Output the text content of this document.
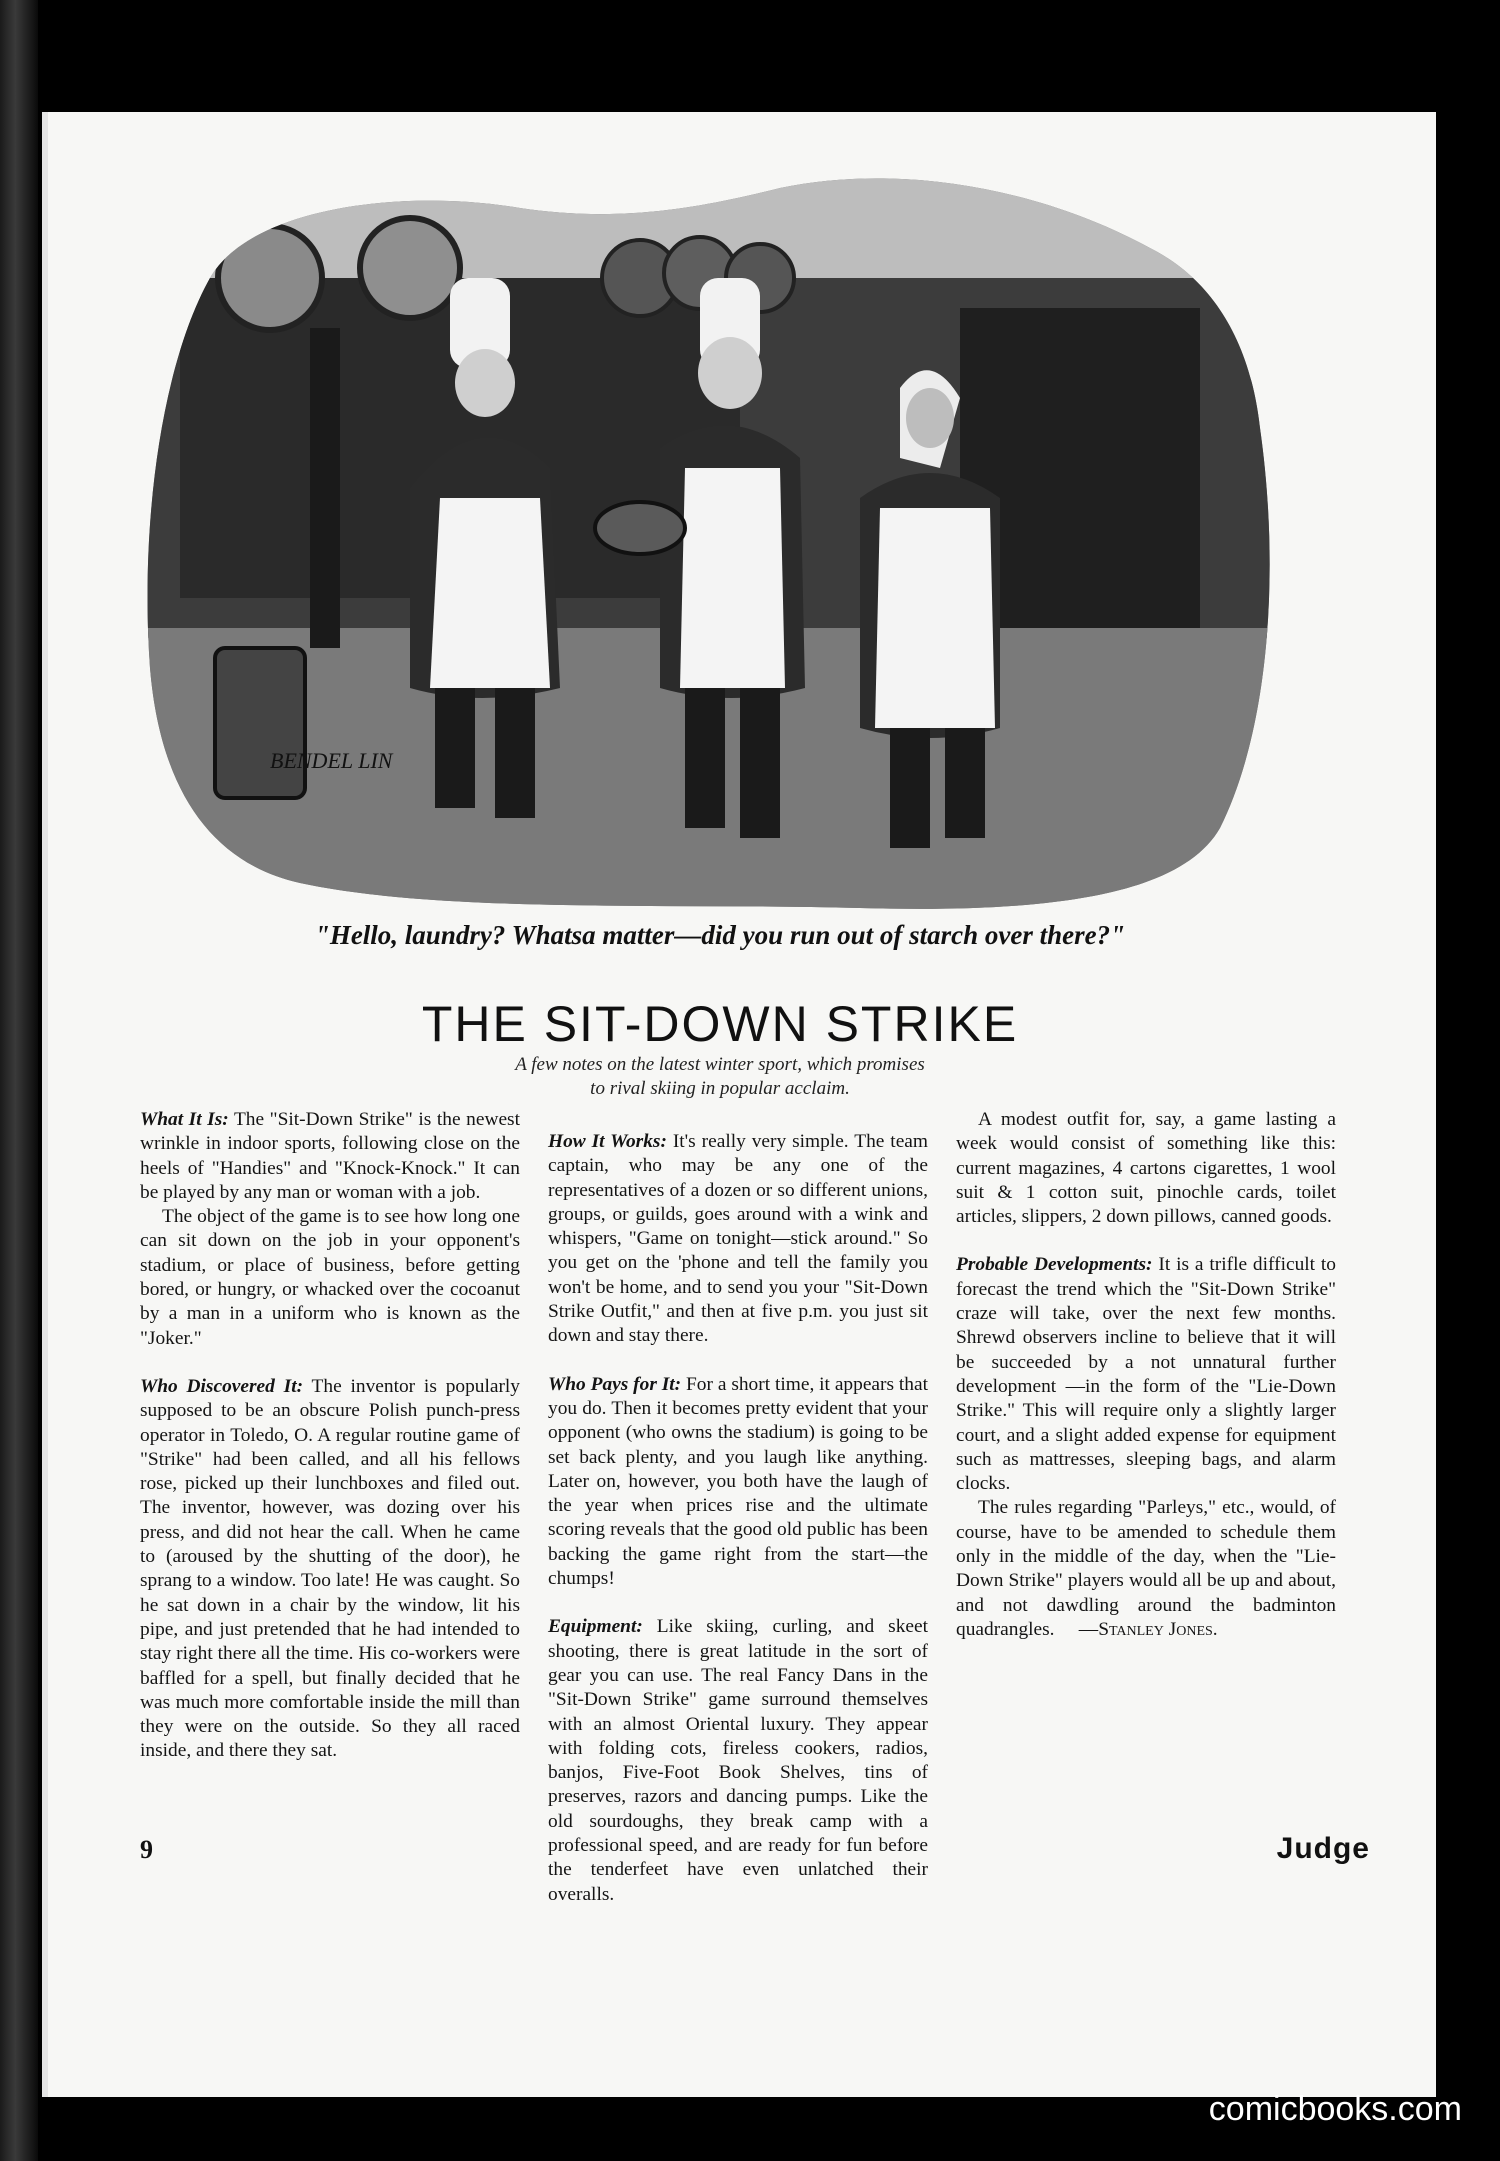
BENDEL LIN
"Hello, laundry? Whatsa matter—did you run out of starch over there?"
THE SIT-DOWN STRIKE
A few notes on the latest winter sport, which promises
to rival skiing in popular acclaim.

What It Is: The "Sit-Down Strike" is the newest wrinkle in indoor sports, following close on the heels of "Handies" and "Knock-Knock." It can be played by any man or woman with a job.

The object of the game is to see how long one can sit down on the job in your opponent's stadium, or place of business, before getting bored, or hungry, or whacked over the cocoanut by a man in a uniform who is known as the "Joker."

Who Discovered It: The inventor is popularly supposed to be an obscure Polish punch-press operator in Toledo, O. A regular routine game of "Strike" had been called, and all his fellows rose, picked up their lunchboxes and filed out. The inventor, however, was dozing over his press, and did not hear the call. When he came to (aroused by the shutting of the door), he sprang to a window. Too late! He was caught. So he sat down in a chair by the window, lit his pipe, and just pretended that he had intended to stay right there all the time. His co-workers were baffled for a spell, but finally decided that he was much more comfortable inside the mill than they were on the outside. So they all raced inside, and there they sat.

How It Works: It's really very simple. The team captain, who may be any one of the representatives of a dozen or so different unions, groups, or guilds, goes around with a wink and whispers, "Game on tonight—stick around." So you get on the 'phone and tell the family you won't be home, and to send you your "Sit-Down Strike Outfit," and then at five p.m. you just sit down and stay there.

Who Pays for It: For a short time, it appears that you do. Then it becomes pretty evident that your opponent (who owns the stadium) is going to be set back plenty, and you laugh like anything. Later on, however, you both have the laugh of the year when prices rise and the ultimate scoring reveals that the good old public has been backing the game right from the start—the chumps!

Equipment: Like skiing, curling, and skeet shooting, there is great latitude in the sort of gear you can use. The real Fancy Dans in the "Sit-Down Strike" game surround themselves with an almost Oriental luxury. They appear with folding cots, fireless cookers, radios, banjos, Five-Foot Book Shelves, tins of preserves, razors and dancing pumps. Like the old sourdoughs, they break camp with a professional speed, and are ready for fun before the tenderfeet have even unlatched their overalls.

A modest outfit for, say, a game lasting a week would consist of something like this: current magazines, 4 cartons cigarettes, 1 wool suit & 1 cotton suit, pinochle cards, toilet articles, slippers, 2 down pillows, canned goods.

Probable Developments: It is a trifle difficult to forecast the trend which the "Sit-Down Strike" craze will take, over the next few months. Shrewd observers incline to believe that it will be succeeded by a not unnatural further development —in the form of the "Lie-Down Strike." This will require only a slightly larger court, and a slight added expense for equipment such as mattresses, sleeping bags, and alarm clocks.

The rules regarding "Parleys," etc., would, of course, have to be amended to schedule them only in the middle of the day, when the "Lie-Down Strike" players would all be up and about, and not dawdling around the badminton quadrangles. —Stanley Jones.

9	Judge
comicbooks.com
